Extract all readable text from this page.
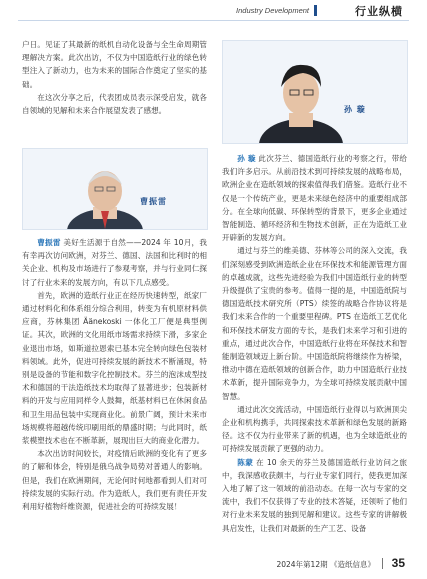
Industry Development	行业纵横

户日。见证了其最新的纸机自动化设备与全生命周期管理解决方案。此次出访，不仅为中国造纸行业的绿色转型注入了新动力，也为未来的国际合作奠定了坚实的基础。

在这次分享之后，代表团成员表示深受启发，就各自领域的见解和未来合作展望发表了感想。

曹振雷

曹振雷 美好生活源于自然——2024 年 10月，我有幸再次访问欧洲，对芬兰、德国、法国和比利时的相关企业、机构及市场进行了参观考察，并与行业同仁探讨了行业未来的发展方向，有以下几点感受。

首先，欧洲的造纸行业正在经历快速转型，纸家厂通过材料化和体系组分综合利用，转变为有机原材料供应商，芬林集团 Äänekoski 一体化工厂便是典型例证。其次，欧洲的文化用纸市场需求持续下滑，多家企业退出市场，如斯道拉恩索已基本完全转向绿色包装材料领域。此外，促进可持续发展的新技术不断涌现，特别是设备的节能和数字化控制技术。芬兰的泡沫成型技术和德国的干法造纸技术均取得了显著进步；包装新材料的开发与应用同样令人鼓舞，纸基材料已在休闲食品和卫生用品包装中实现商业化。前景广阔，预计未来市场规模将超越传统印刷用纸的鼎盛时期；与此同时，纸浆模塑技术也在不断革新，展现出巨大的商业化潜力。

本次出访时间较长，对疫情后欧洲的变化有了更多的了解和体会，特别是俄乌战争局势对普通人的影响。但是，我们在欧洲期间，无论何时何地都看到人们对可持续发展的实际行动。作为造纸人，我们更有责任开发利用好植物纤维资源，促进社会的可持续发展！

孙 璇

孙 璇 此次芬兰、德国造纸行业的考察之行，带给我们许多启示。从前沿技术到可持续发展的战略布局，欧洲企业在造纸领域的探索值得我们借鉴。造纸行业不仅是一个传统产业，更是未来绿色经济中的重要组成部分。在全球向低碳、环保转型的背景下，更多企业通过智能制造、循环经济和生物技术创新，正在为造纸工业开辟新的发展方向。

通过与芬兰的维美德、芬林等公司的深入交流，我们深刻感受到欧洲造纸企业在环保技术和能源管理方面的卓越成就，这些先进经验为我们中国造纸行业的转型升级提供了宝贵的参考。值得一提的是，中国造纸院与德国造纸技术研究所（PTS）续签的战略合作协议将是我们未来合作的一个重要里程碑。PTS 在造纸工艺优化和环保技术研发方面的专长，是我们未来学习和引进的重点，通过此次合作，中国造纸行业将在环保技术和智能制造领域迈上新台阶。中国造纸院将继续作为桥梁，推动中德在造纸领域的创新合作，助力中国造纸行业技术革新，提升国际竞争力，为全球可持续发展贡献中国智慧。

通过此次交流活动，中国造纸行业得以与欧洲顶尖企业和机构携手，共同探索技术革新和绿色发展的新路径。这不仅为行业带来了新的机遇，也为全球造纸业的可持续发展贡献了更强的动力。

陈蒙 在 10 余天的芬兰及德国造纸行业访问之旅中，我深感收获颇丰，与行业专家们同行，使我更加深入地了解了这一领域的前沿动态。在每一次与专家的交流中，我们不仅获得了专业的技术答疑，还领听了他们对行业未来发展的独到见解和建议。这些专家的讲解极具启发性，让我们对最新的生产工艺、设备

2024年第12期 《造纸信息》 35
